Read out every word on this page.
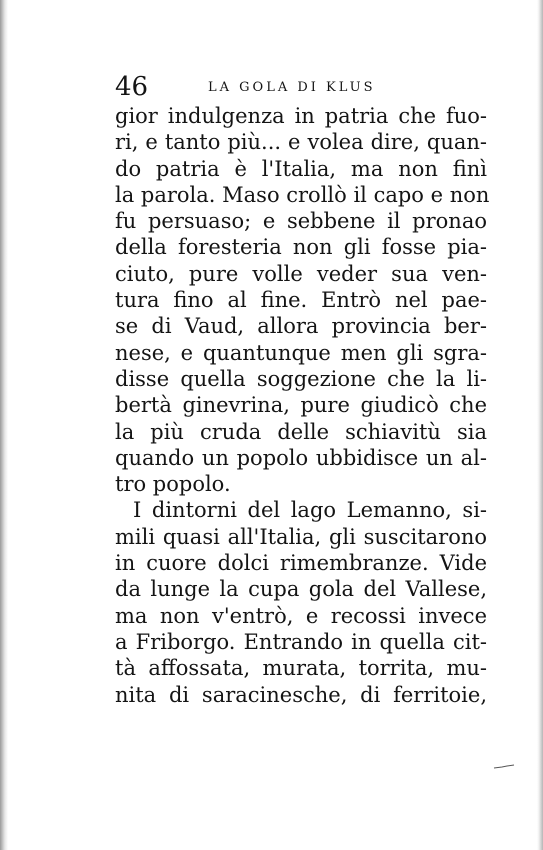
46	LA GOLA DI KLUS
gior indulgenza in patria che fuo-
ri, e tanto più... e volea dire, quan-
do patria è l'Italia, ma non finì
la parola. Maso crollò il capo e non
fu persuaso; e sebbene il pronao
della foresteria non gli fosse pia-
ciuto, pure volle veder sua ven-
tura fino al fine. Entrò nel pae-
se di Vaud, allora provincia ber-
nese, e quantunque men gli sgra-
disse quella soggezione che la li-
bertà ginevrina, pure giudicò che
la più cruda delle schiavitù sia
quando un popolo ubbidisce un al-
tro popolo.
I dintorni del lago Lemanno, si-
mili quasi all'Italia, gli suscitarono
in cuore dolci rimembranze. Vide
da lunge la cupa gola del Vallese,
ma non v'entrò, e recossi invece
a Friborgo. Entrando in quella cit-
tà affossata, murata, torrita, mu-
nita di saracinesche, di ferritoie,
